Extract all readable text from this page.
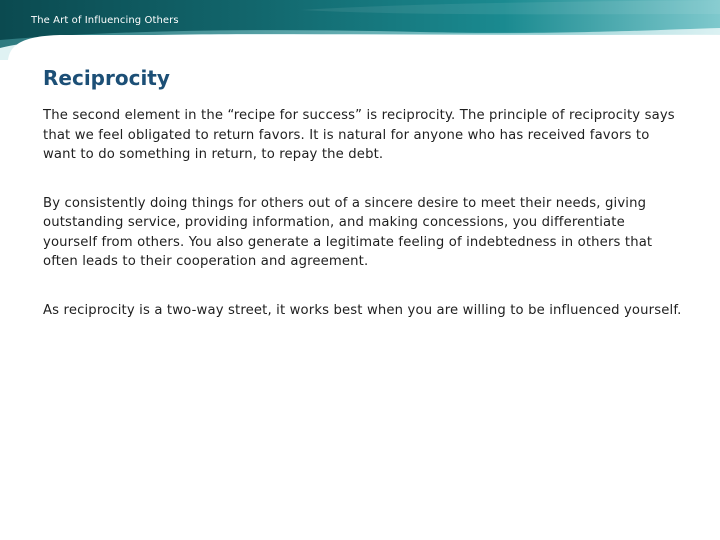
The Art of Influencing Others
Reciprocity

The second element in the “recipe for success” is reciprocity. The principle of reciprocity says that we feel obligated to return favors. It is natural for anyone who has received favors to want to do something in return, to repay the debt.

By consistently doing things for others out of a sincere desire to meet their needs, giving outstanding service, providing information, and making concessions, you differentiate yourself from others. You also generate a legitimate feeling of indebtedness in others that often leads to their cooperation and agreement.

As reciprocity is a two-way street, it works best when you are willing to be influenced yourself.
